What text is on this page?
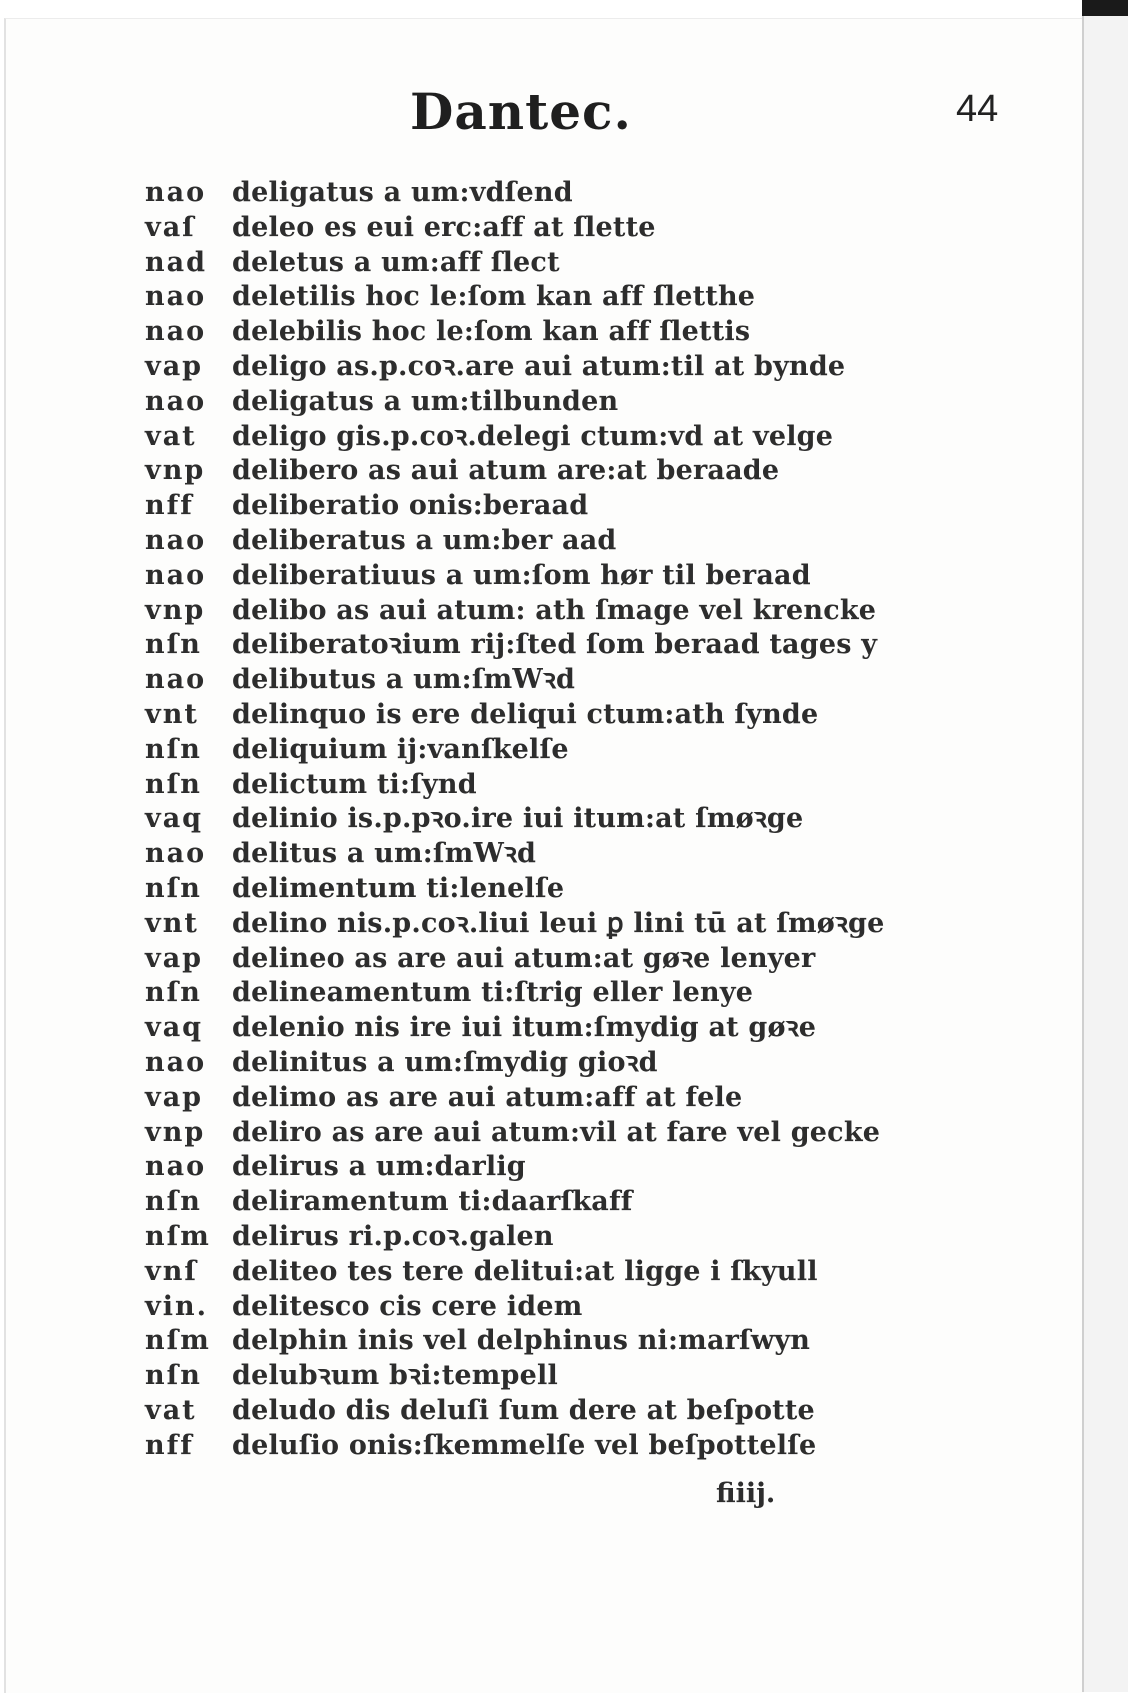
Dantec.	44
nao deligatus a um:vdſend
vaſ	deleo es eui erc:aff at ſlette
nad deletus a um:aff ſlect
nao deletilis hoc le:ſom kan aff ſletthe
nao delebilis hoc le:ſom kan aff ſlettis
vap	deligo as.p.coꝛ.are aui atum:til at bynde
nao deligatus a um:tilbunden
vat	deligo gis.p.coꝛ.delegi ctum:vd at velge
vnp delibero as aui atum are:at beraade
nff	deliberatio onis:beraad
nao deliberatus a um:ber aad
nao deliberatiuus a um:ſom hør til beraad
vnp delibo as aui atum: ath ſmage vel krencke
nſn	deliberatoꝛium rij:ſted ſom beraad tages y
nao delibutus a um:ſmWꝛd
vnt	delinquo is ere deliqui ctum:ath ſynde
nſn	deliquium ij:vanſkelſe
nſn	delictum ti:ſynd
vaq	delinio is.p.pꝛo.ire iui itum:at ſmøꝛge
nao delitus a um:ſmWꝛd
nſn	delimentum ti:lenelſe
vnt	delino nis.p.coꝛ.liui leui ꝑ lini tū at ſmøꝛge
vap	delineo as are aui atum:at gøꝛe lenyer
nſn	delineamentum ti:ſtrig eller lenye
vaq	delenio nis ire iui itum:ſmydig at gøꝛe
nao delinitus a um:ſmydig gioꝛd
vap	delimo as are aui atum:aff at fele
vnp deliro as are aui atum:vil at fare vel gecke
nao delirus a um:darlig
nſn	deliramentum ti:daarſkaff
nſm delirus ri.p.coꝛ.galen
vnſ	deliteo tes tere delitui:at ligge i ſkyull
vin. delitesco cis cere idem
nſm delphin inis vel delphinus ni:marſwyn
nſn	delubꝛum bꝛi:tempell
vat	deludo dis deluſi ſum dere at beſpotte
nff	deluſio onis:ſkemmelſe vel beſpottelſe
fiiij.
